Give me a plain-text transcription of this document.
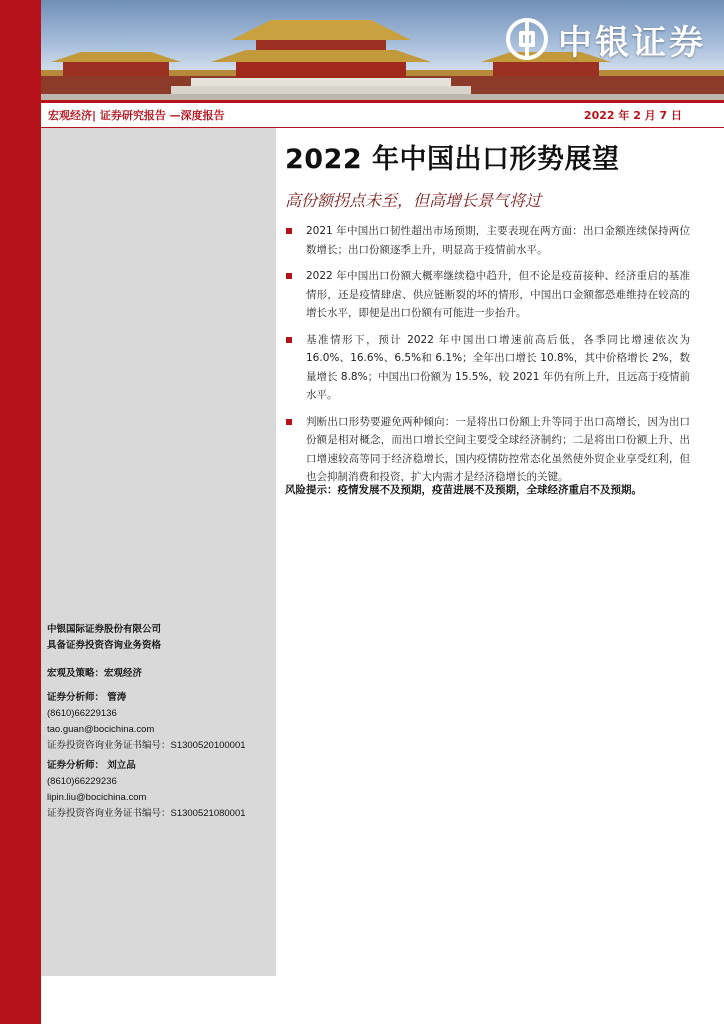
中银证券
宏观经济| 证券研究报告 —深度报告	2022 年 2 月 7 日
中银国际证券股份有限公司
具备证券投资咨询业务资格
宏观及策略：宏观经济
证券分析师： 管涛
(8610)66229136
tao.guan@bocichina.com
证券投资咨询业务证书编号：S1300520100001
证券分析师： 刘立品
(8610)66229236
lipin.liu@bocichina.com
证券投资咨询业务证书编号：S1300521080001
2022 年中国出口形势展望
高份额拐点未至，但高增长景气将过
2021 年中国出口韧性超出市场预期，主要表现在两方面：出口金额连续保持两位数增长；出口份额逐季上升，明显高于疫情前水平。
2022 年中国出口份额大概率继续稳中趋升，但不论是疫苗接种、经济重启的基准情形，还是疫情肆虐、供应链断裂的坏的情形，中国出口金额都恐难维持在较高的增长水平，即便是出口份额有可能进一步抬升。
基准情形下，预计 2022 年中国出口增速前高后低，各季同比增速依次为 16.0%、16.6%、6.5%和 6.1%；全年出口增长 10.8%，其中价格增长 2%，数量增长 8.8%；中国出口份额为 15.5%，较 2021 年仍有所上升，且远高于疫情前水平。
判断出口形势要避免两种倾向：一是将出口份额上升等同于出口高增长，因为出口份额是相对概念，而出口增长空间主要受全球经济制约；二是将出口份额上升、出口增速较高等同于经济稳增长，国内疫情防控常态化虽然使外贸企业享受红利，但也会抑制消费和投资，扩大内需才是经济稳增长的关键。
风险提示：疫情发展不及预期，疫苗进展不及预期，全球经济重启不及预期。
